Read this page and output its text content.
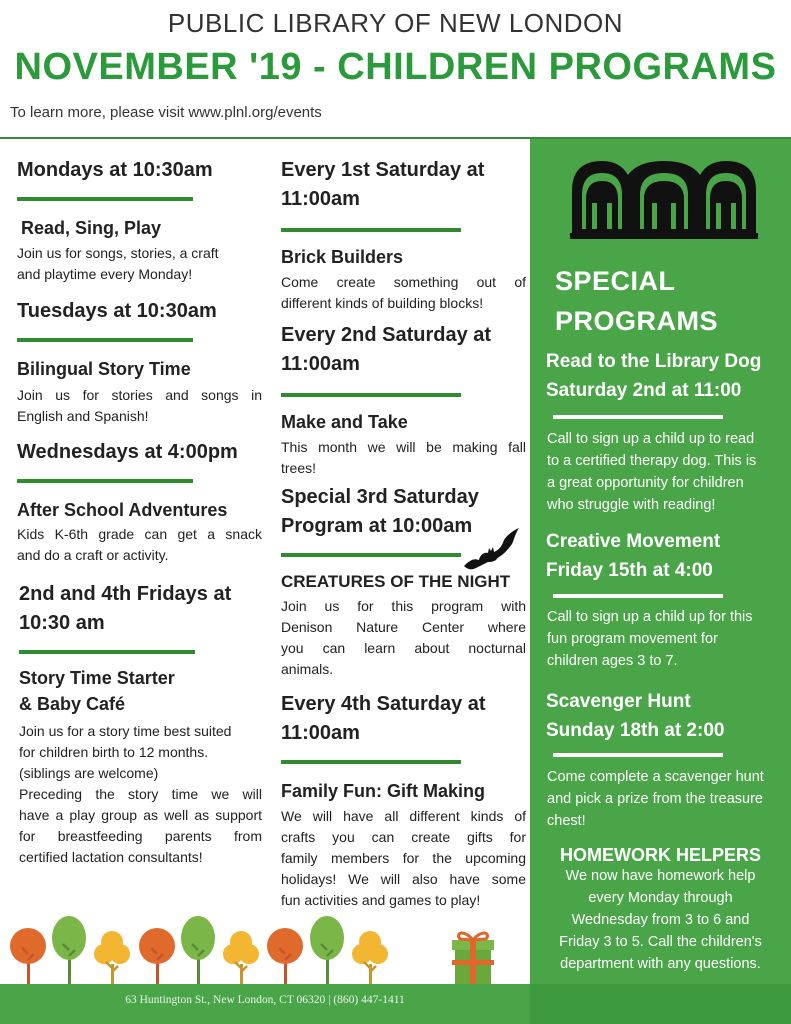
PUBLIC LIBRARY OF NEW LONDON
NOVEMBER '19 - CHILDREN PROGRAMS
To learn more, please visit www.plnl.org/events
Mondays at 10:30am
Read, Sing, Play
Join us for songs, stories, a craft
and playtime every Monday!
Tuesdays at 10:30am
Bilingual Story Time
Join us for stories and songs in
English and Spanish!
Wednesdays at 4:00pm
After School Adventures
Kids K-6th grade can get a snack
and do a craft or activity.
2nd and 4th Fridays at
10:30 am
Story Time Starter
& Baby Café
Join us for a story time best suited
for children birth to 12 months.
(siblings are welcome)
Preceding the story time we will
have a play group as well as support
for breastfeeding parents from
certified lactation consultants!
Every 1st Saturday at
11:00am
Brick Builders
Come create something out of
different kinds of building blocks!
Every 2nd Saturday at
11:00am
Make and Take
This month we will be making fall
trees!
Special 3rd Saturday
Program at 10:00am
CREATURES OF THE NIGHT
Join us for this program with
Denison Nature Center where
you can learn about nocturnal
animals.
Every 4th Saturday at
11:00am
Family Fun: Gift Making
We will have all different kinds of
crafts you can create gifts for
family members for the upcoming
holidays! We will also have some
fun activities and games to play!
SPECIAL
PROGRAMS
Read to the Library Dog
Saturday 2nd at 11:00
Call to sign up a child up to read
to a certified therapy dog. This is
a great opportunity for children
who struggle with reading!
Creative Movement
Friday 15th at 4:00
Call to sign up a child up for this
fun program movement for
children ages 3 to 7.
Scavenger Hunt
Sunday 18th at 2:00
Come complete a scavenger hunt
and pick a prize from the treasure
chest!
HOMEWORK HELPERS
We now have homework help
every Monday through
Wednesday from 3 to 6 and
Friday 3 to 5. Call the children's
department with any questions.
63 Huntington St., New London, CT 06320 | (860) 447-1411
